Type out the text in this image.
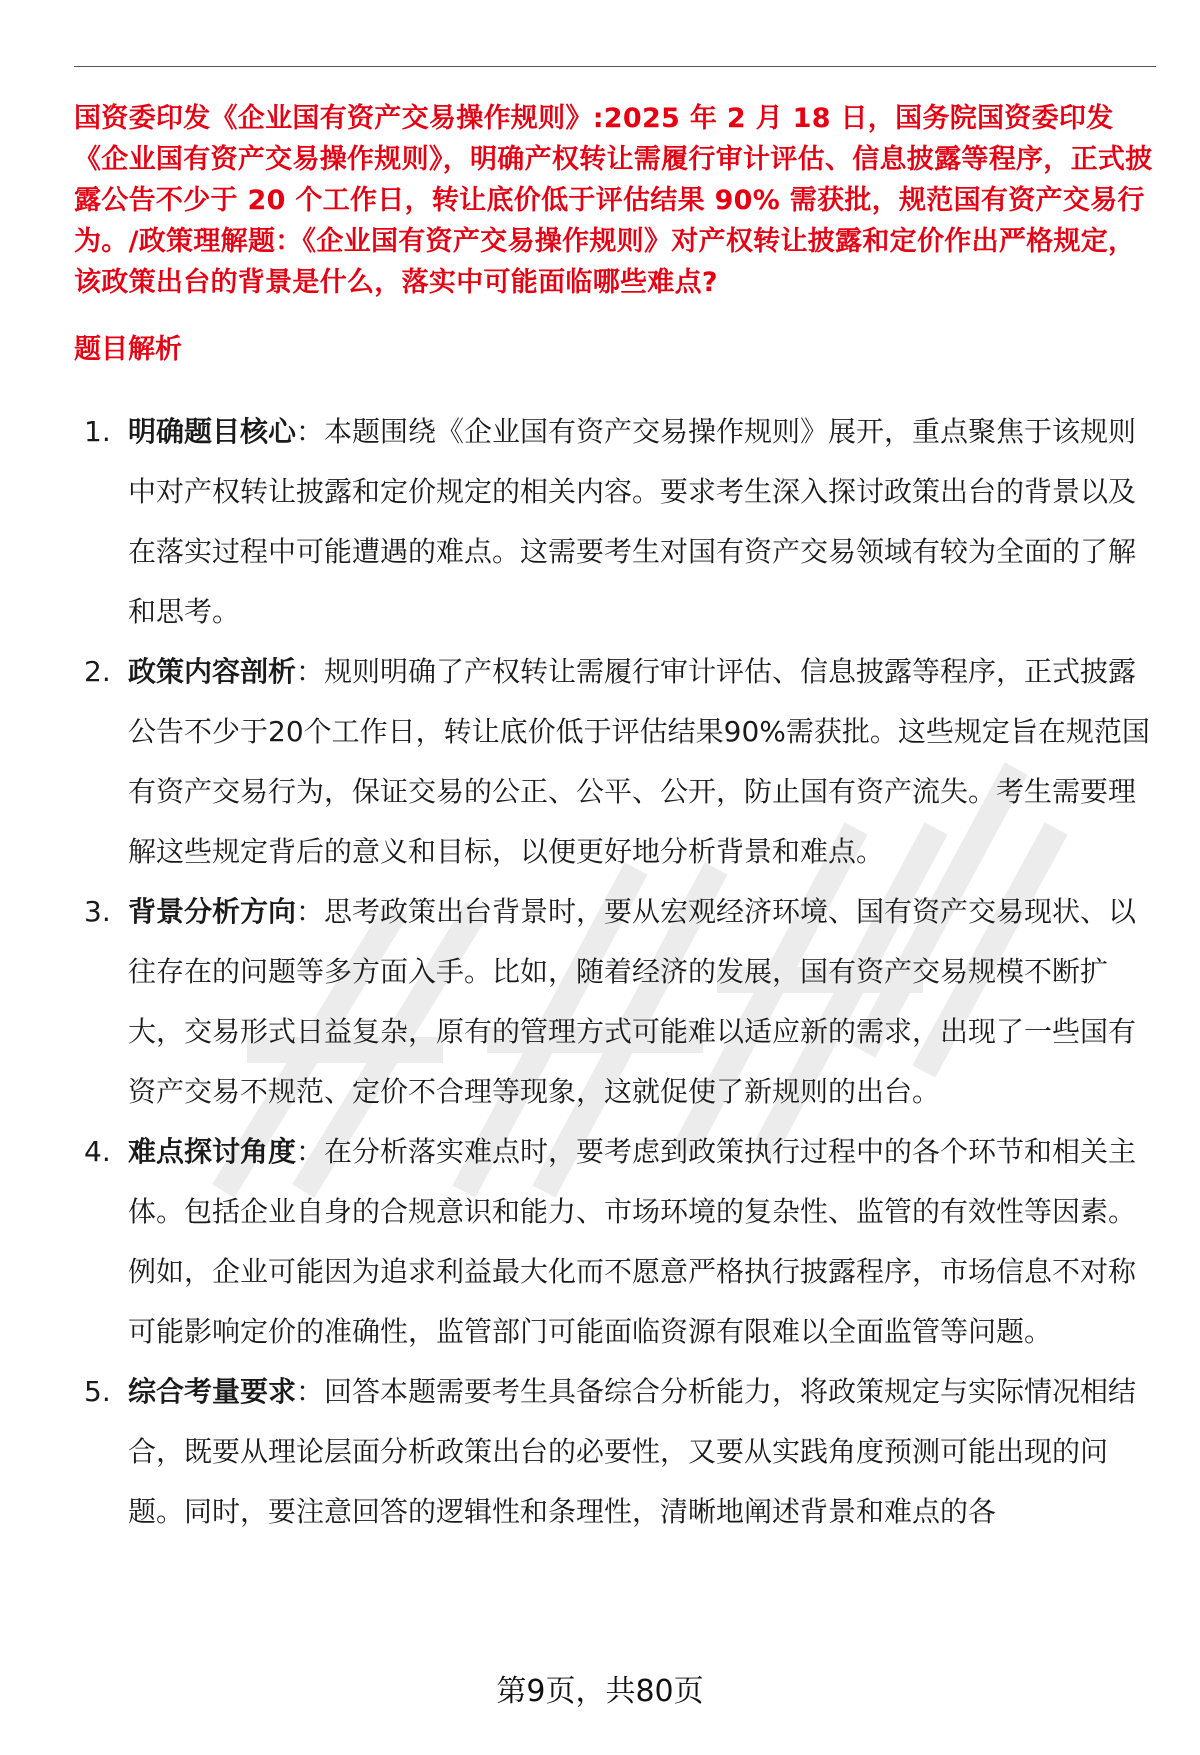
国资委印发《企业国有资产交易操作规则》:2025 年 2 月 18 日，国务院国资委印发《企业国有资产交易操作规则》，明确产权转让需履行审计评估、信息披露等程序，正式披露公告不少于 20 个工作日，转让底价低于评估结果 90% 需获批，规范国有资产交易行为。/政策理解题：《企业国有资产交易操作规则》对产权转让披露和定价作出严格规定，该政策出台的背景是什么，落实中可能面临哪些难点?

题目解析
1. 明确题目核心：本题围绕《企业国有资产交易操作规则》展开，重点聚焦于该规则中对产权转让披露和定价规定的相关内容。要求考生深入探讨政策出台的背景以及在落实过程中可能遭遇的难点。这需要考生对国有资产交易领域有较为全面的了解和思考。
2. 政策内容剖析：规则明确了产权转让需履行审计评估、信息披露等程序，正式披露公告不少于20个工作日，转让底价低于评估结果90%需获批。这些规定旨在规范国有资产交易行为，保证交易的公正、公平、公开，防止国有资产流失。考生需要理解这些规定背后的意义和目标，以便更好地分析背景和难点。
3. 背景分析方向：思考政策出台背景时，要从宏观经济环境、国有资产交易现状、以往存在的问题等多方面入手。比如，随着经济的发展，国有资产交易规模不断扩大，交易形式日益复杂，原有的管理方式可能难以适应新的需求，出现了一些国有资产交易不规范、定价不合理等现象，这就促使了新规则的出台。
4. 难点探讨角度：在分析落实难点时，要考虑到政策执行过程中的各个环节和相关主体。包括企业自身的合规意识和能力、市场环境的复杂性、监管的有效性等因素。例如，企业可能因为追求利益最大化而不愿意严格执行披露程序，市场信息不对称可能影响定价的准确性，监管部门可能面临资源有限难以全面监管等问题。
5. 综合考量要求：回答本题需要考生具备综合分析能力，将政策规定与实际情况相结合，既要从理论层面分析政策出台的必要性，又要从实践角度预测可能出现的问题。同时，要注意回答的逻辑性和条理性，清晰地阐述背景和难点的各
第9页，共80页
